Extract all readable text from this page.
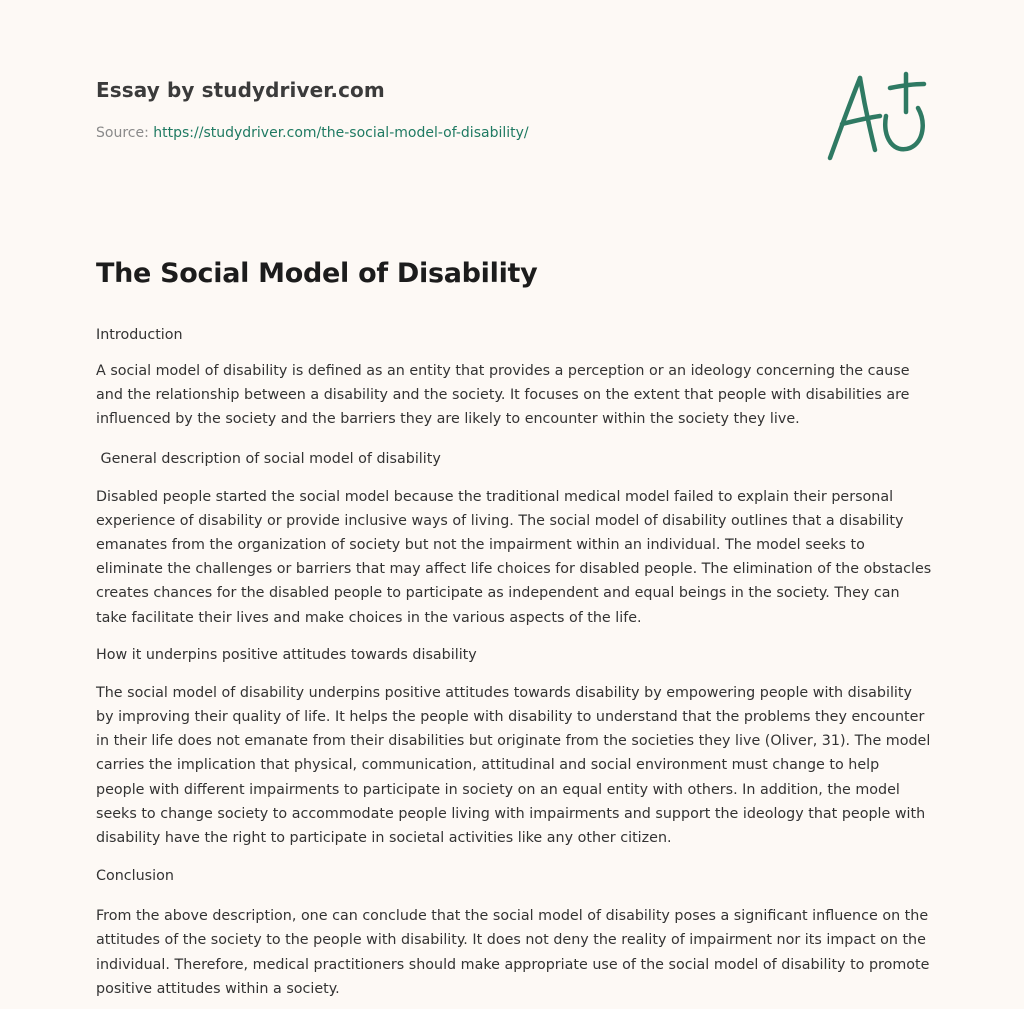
Essay by studydriver.com
Source: https://studydriver.com/the-social-model-of-disability/
The Social Model of Disability
Introduction

A social model of disability is defined as an entity that provides a perception or an ideology concerning the cause and the relationship between a disability and the society. It focuses on the extent that people with disabilities are influenced by the society and the barriers they are likely to encounter within the society they live.

General description of social model of disability

Disabled people started the social model because the traditional medical model failed to explain their personal experience of disability or provide inclusive ways of living. The social model of disability outlines that a disability emanates from the organization of society but not the impairment within an individual. The model seeks to eliminate the challenges or barriers that may affect life choices for disabled people. The elimination of the obstacles creates chances for the disabled people to participate as independent and equal beings in the society. They can take facilitate their lives and make choices in the various aspects of the life.

How it underpins positive attitudes towards disability

The social model of disability underpins positive attitudes towards disability by empowering people with disability by improving their quality of life. It helps the people with disability to understand that the problems they encounter in their life does not emanate from their disabilities but originate from the societies they live (Oliver, 31). The model carries the implication that physical, communication, attitudinal and social environment must change to help people with different impairments to participate in society on an equal entity with others. In addition, the model seeks to change society to accommodate people living with impairments and support the ideology that people with disability have the right to participate in societal activities like any other citizen.

Conclusion

From the above description, one can conclude that the social model of disability poses a significant influence on the attitudes of the society to the people with disability. It does not deny the reality of impairment nor its impact on the individual. Therefore, medical practitioners should make appropriate use of the social model of disability to promote positive attitudes within a society.
